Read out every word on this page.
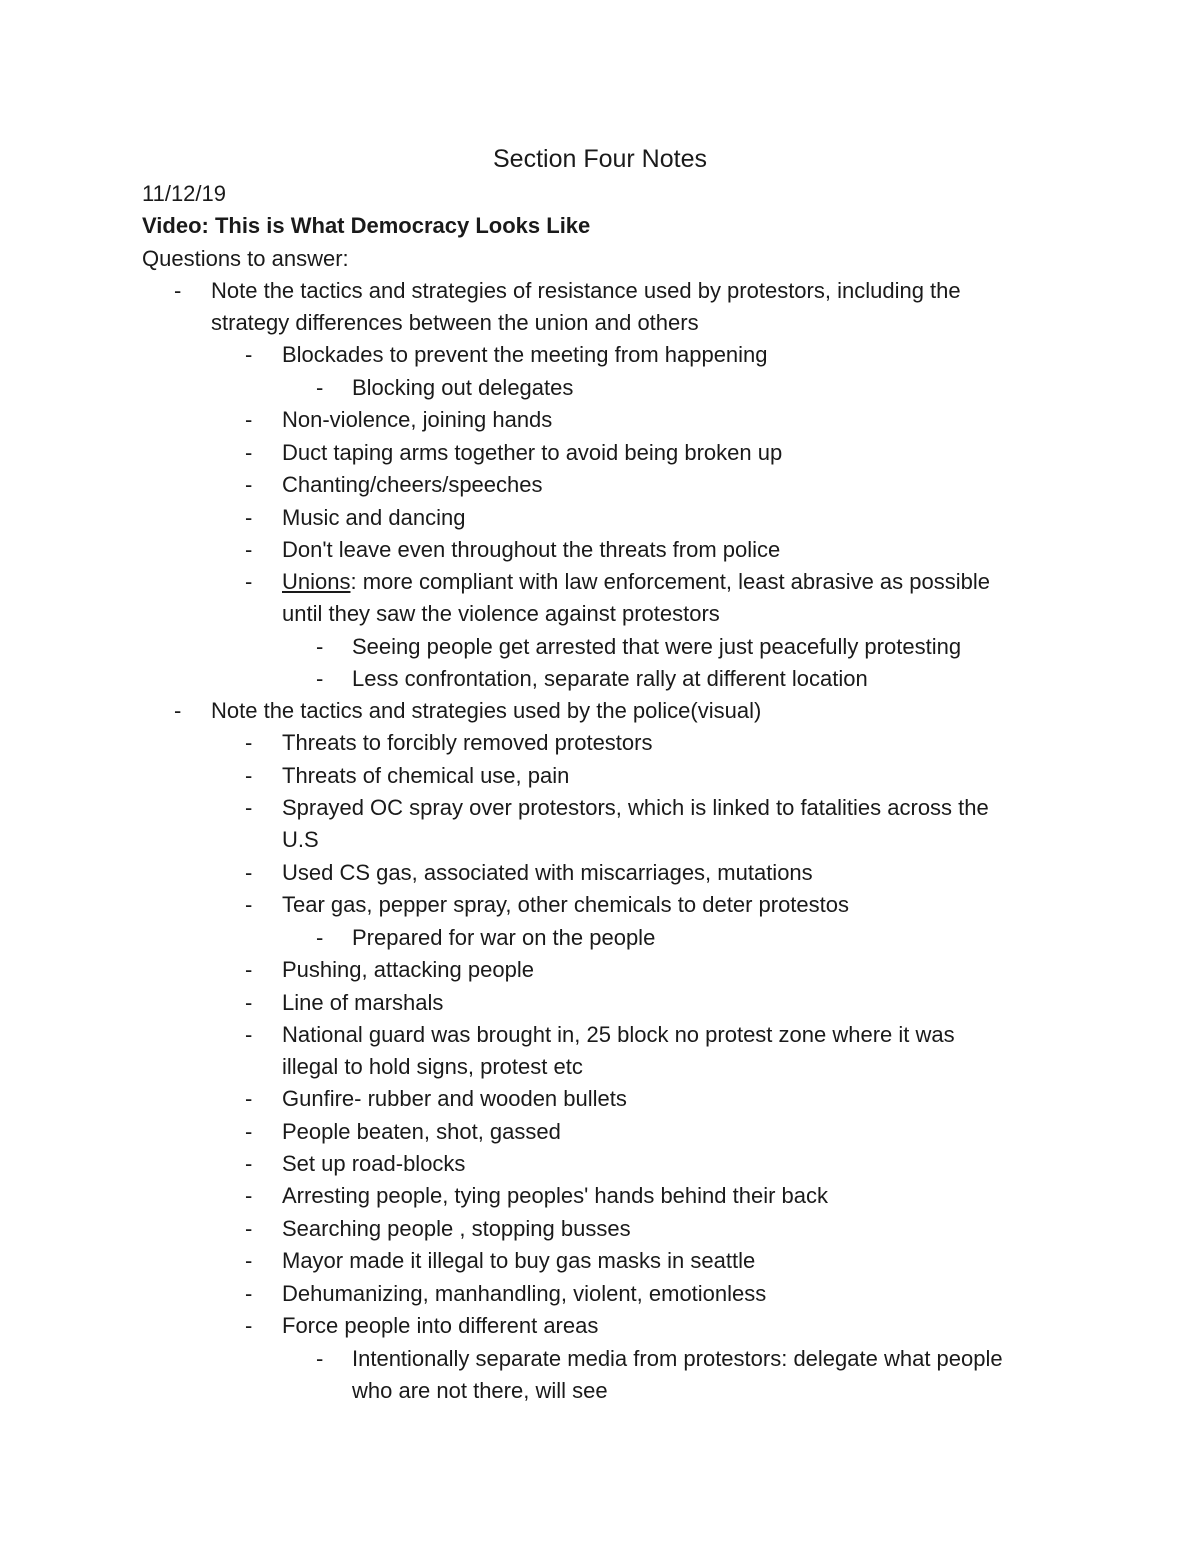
Section Four Notes
11/12/19
Video: This is What Democracy Looks Like
Questions to answer:
- Note the tactics and strategies of resistance used by protestors, including the
strategy differences between the union and others
- Blockades to prevent the meeting from happening
- Blocking out delegates
- Non-violence, joining hands
- Duct taping arms together to avoid being broken up
- Chanting/cheers/speeches
- Music and dancing
- Don't leave even throughout the threats from police
- Unions: more compliant with law enforcement, least abrasive as possible
until they saw the violence against protestors
- Seeing people get arrested that were just peacefully protesting
- Less confrontation, separate rally at different location
- Note the tactics and strategies used by the police(visual)
- Threats to forcibly removed protestors
- Threats of chemical use, pain
- Sprayed OC spray over protestors, which is linked to fatalities across the
U.S
- Used CS gas, associated with miscarriages, mutations
- Tear gas, pepper spray, other chemicals to deter protestos
- Prepared for war on the people
- Pushing, attacking people
- Line of marshals
- National guard was brought in, 25 block no protest zone where it was
illegal to hold signs, protest etc
- Gunfire- rubber and wooden bullets
- People beaten, shot, gassed
- Set up road-blocks
- Arresting people, tying peoples' hands behind their back
- Searching people , stopping busses
- Mayor made it illegal to buy gas masks in seattle
- Dehumanizing, manhandling, violent, emotionless
- Force people into different areas
- Intentionally separate media from protestors: delegate what people
who are not there, will see
